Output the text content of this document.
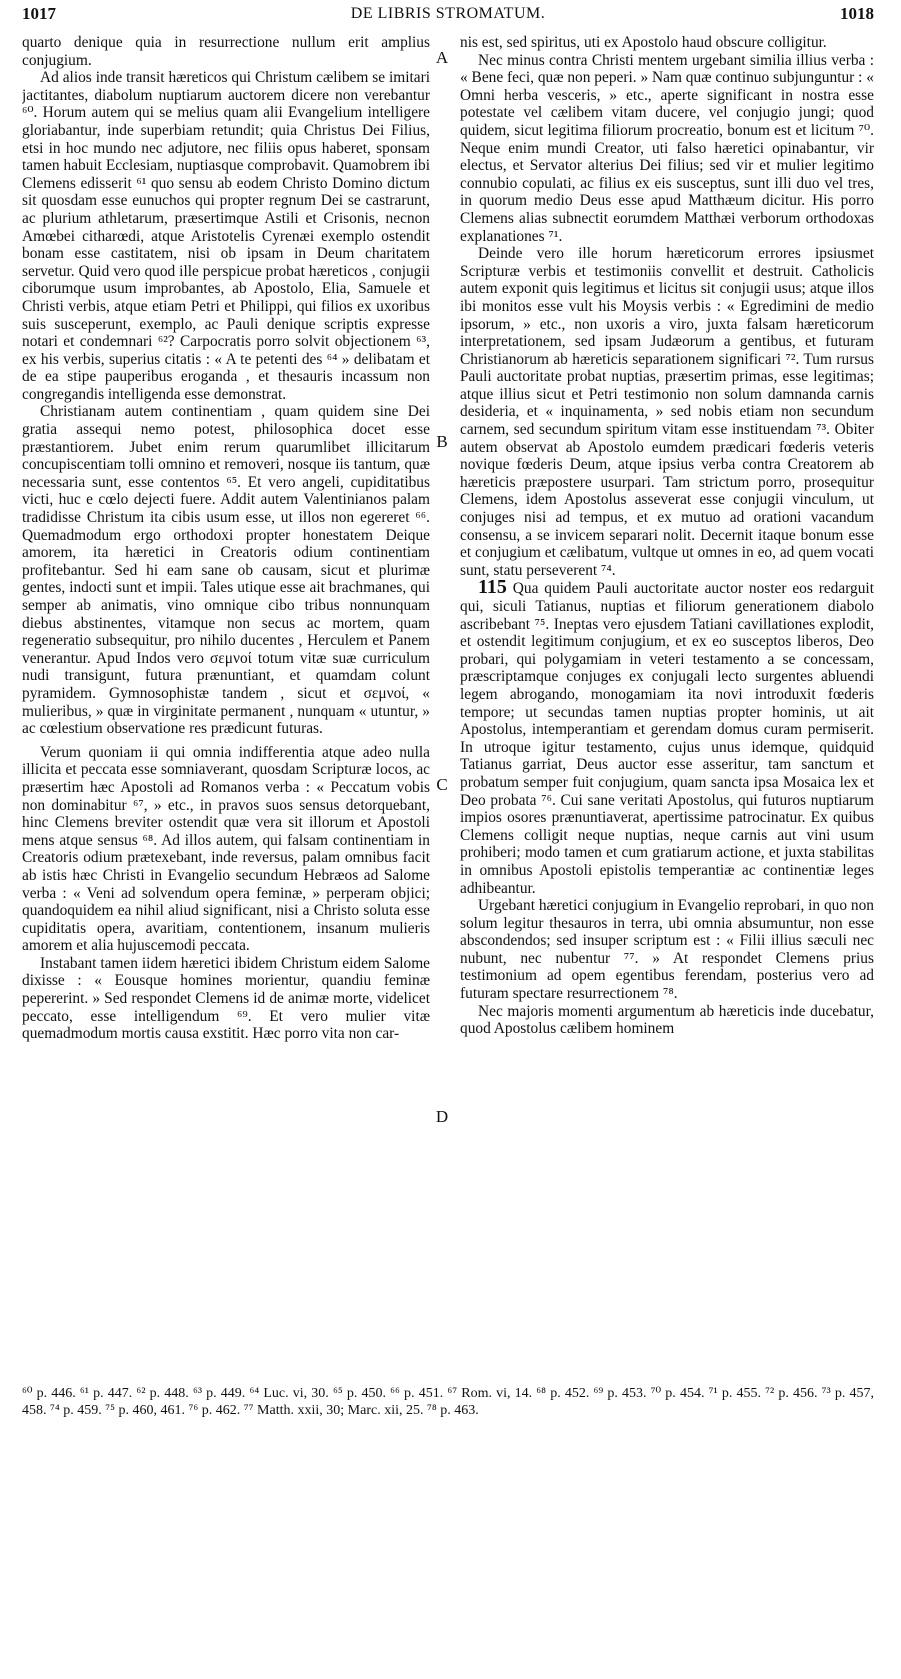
1017	DE LIBRIS STROMATUM.	1018

quarto denique quia in resurrectione nullum erit amplius conjugium.

Ad alios inde transit hæreticos qui Christum cælibem se imitari jactitantes, diabolum nuptiarum auctorem dicere non verebantur ⁶⁰. Horum autem qui se melius quam alii Evangelium intelligere gloriabantur, inde superbiam retundit; quia Christus Dei Filius, etsi in hoc mundo nec adjutore, nec filiis opus haberet, sponsam tamen habuit Ecclesiam, nuptiasque comprobavit. Quamobrem ibi Clemens edisserit ⁶¹ quo sensu ab eodem Christo Domino dictum sit quosdam esse eunuchos qui propter regnum Dei se castrarunt, ac plurium athletarum, præsertimque Astili et Crisonis, necnon Amœbei citharœdi, atque Aristotelis Cyrenæi exemplo ostendit bonam esse castitatem, nisi ob ipsam in Deum charitatem servetur. Quid vero quod ille perspicue probat hæreticos , conjugii ciborumque usum improbantes, ab Apostolo, Elia, Samuele et Christi verbis, atque etiam Petri et Philippi, qui filios ex uxoribus suis susceperunt, exemplo, ac Pauli denique scriptis expresse notari et condemnari ⁶²? Carpocratis porro solvit objectionem ⁶³, ex his verbis, superius citatis : « A te petenti des ⁶⁴ » delibatam et de ea stipe pauperibus eroganda , et thesauris incassum non congregandis intelligenda esse demonstrat.

Christianam autem continentiam , quam quidem sine Dei gratia assequi nemo potest, philosophica docet esse præstantiorem. Jubet enim rerum quarumlibet illicitarum concupiscentiam tolli omnino et removeri, nosque iis tantum, quæ necessaria sunt, esse contentos ⁶⁵. Et vero angeli, cupiditatibus victi, huc e cœlo dejecti fuere. Addit autem Valentinianos palam tradidisse Christum ita cibis usum esse, ut illos non egereret ⁶⁶. Quemadmodum ergo orthodoxi propter honestatem Deique amorem, ita hæretici in Creatoris odium continentiam profitebantur. Sed hi eam sane ob causam, sicut et plurimæ gentes, indocti sunt et impii. Tales utique esse ait brachmanes, qui semper ab animatis, vino omnique cibo tribus nonnunquam diebus abstinentes, vitamque non secus ac mortem, quam regeneratio subsequitur, pro nihilo ducentes , Herculem et Panem venerantur. Apud Indos vero σεμνοί totum vitæ suæ curriculum nudi transigunt, futura prænuntiant, et quamdam colunt pyramidem. Gymnosophistæ tandem , sicut et σεμνοί, « mulieribus, » quæ in virginitate permanent , nunquam « utuntur, » ac cœlestium observatione res prædicunt futuras.

Verum quoniam ii qui omnia indifferentia atque adeo nulla illicita et peccata esse somniaverant, quosdam Scripturæ locos, ac præsertim hæc Apostoli ad Romanos verba : « Peccatum vobis non dominabitur ⁶⁷, » etc., in pravos suos sensus detorquebant, hinc Clemens breviter ostendit quæ vera sit illorum et Apostoli mens atque sensus ⁶⁸. Ad illos autem, qui falsam continentiam in Creatoris odium prætexebant, inde reversus, palam omnibus facit ab istis hæc Christi in Evangelio secundum Hebræos ad Salome verba : « Veni ad solvendum opera feminæ, » perperam objici; quandoquidem ea nihil aliud significant, nisi a Christo soluta esse cupiditatis opera, avaritiam, contentionem, insanum mulieris amorem et alia hujuscemodi peccata.

Instabant tamen iidem hæretici ibidem Christum eidem Salome dixisse : « Eousque homines morientur, quandiu feminæ pepererint. » Sed respondet Clemens id de animæ morte, videlicet peccato, esse intelligendum ⁶⁹. Et vero mulier vitæ quemadmodum mortis causa exstitit. Hæc porro vita non car-

A
B
C
D

nis est, sed spiritus, uti ex Apostolo haud obscure colligitur.

Nec minus contra Christi mentem urgebant similia illius verba : « Bene feci, quæ non peperi. » Nam quæ continuo subjunguntur : « Omni herba vesceris, » etc., aperte significant in nostra esse potestate vel cælibem vitam ducere, vel conjugio jungi; quod quidem, sicut legitima filiorum procreatio, bonum est et licitum ⁷⁰. Neque enim mundi Creator, uti falso hæretici opinabantur, vir electus, et Servator alterius Dei filius; sed vir et mulier legitimo connubio copulati, ac filius ex eis susceptus, sunt illi duo vel tres, in quorum medio Deus esse apud Matthæum dicitur. His porro Clemens alias subnectit eorumdem Matthæi verborum orthodoxas explanationes ⁷¹.

Deinde vero ille horum hæreticorum errores ipsiusmet Scripturæ verbis et testimoniis convellit et destruit. Catholicis autem exponit quis legitimus et licitus sit conjugii usus; atque illos ibi monitos esse vult his Moysis verbis : « Egredimini de medio ipsorum, » etc., non uxoris a viro, juxta falsam hæreticorum interpretationem, sed ipsam Judæorum a gentibus, et futuram Christianorum ab hæreticis separationem significari ⁷². Tum rursus Pauli auctoritate probat nuptias, præsertim primas, esse legitimas; atque illius sicut et Petri testimonio non solum damnanda carnis desideria, et « inquinamenta, » sed nobis etiam non secundum carnem, sed secundum spiritum vitam esse instituendam ⁷³. Obiter autem observat ab Apostolo eumdem prædicari fœderis veteris novique fœderis Deum, atque ipsius verba contra Creatorem ab hæreticis præpostere usurpari. Tam strictum porro, prosequitur Clemens, idem Apostolus asseverat esse conjugii vinculum, ut conjuges nisi ad tempus, et ex mutuo ad orationi vacandum consensu, a se invicem separari nolit. Decernit itaque bonum esse et conjugium et cælibatum, vultque ut omnes in eo, ad quem vocati sunt, statu perseverent ⁷⁴.

115 Qua quidem Pauli auctoritate auctor noster eos redarguit qui, siculi Tatianus, nuptias et filiorum generationem diabolo ascribebant ⁷⁵. Ineptas vero ejusdem Tatiani cavillationes explodit, et ostendit legitimum conjugium, et ex eo susceptos liberos, Deo probari, qui polygamiam in veteri testamento a se concessam, præscriptamque conjuges ex conjugali lecto surgentes abluendi legem abrogando, monogamiam ita novi introduxit fœderis tempore; ut secundas tamen nuptias propter hominis, ut ait Apostolus, intemperantiam et gerendam domus curam permiserit. In utroque igitur testamento, cujus unus idemque, quidquid Tatianus garriat, Deus auctor esse asseritur, tam sanctum et probatum semper fuit conjugium, quam sancta ipsa Mosaica lex et Deo probata ⁷⁶. Cui sane veritati Apostolus, qui futuros nuptiarum impios osores prænuntiaverat, apertissime patrocinatur. Ex quibus Clemens colligit neque nuptias, neque carnis aut vini usum prohiberi; modo tamen et cum gratiarum actione, et juxta stabilitas in omnibus Apostoli epistolis temperantiæ ac continentiæ leges adhibeantur.

Urgebant hæretici conjugium in Evangelio reprobari, in quo non solum legitur thesauros in terra, ubi omnia absumuntur, non esse abscondendos; sed insuper scriptum est : « Filii illius sæculi nec nubunt, nec nubentur ⁷⁷. » At respondet Clemens prius testimonium ad opem egentibus ferendam, posterius vero ad futuram spectare resurrectionem ⁷⁸.

Nec majoris momenti argumentum ab hæreticis inde ducebatur, quod Apostolus cælibem hominem

⁶⁰ p. 446. ⁶¹ p. 447. ⁶² p. 448. ⁶³ p. 449. ⁶⁴ Luc. vi, 30. ⁶⁵ p. 450. ⁶⁶ p. 451. ⁶⁷ Rom. vi, 14. ⁶⁸ p. 452. ⁶⁹ p. 453. ⁷⁰ p. 454. ⁷¹ p. 455. ⁷² p. 456. ⁷³ p. 457, 458. ⁷⁴ p. 459. ⁷⁵ p. 460, 461. ⁷⁶ p. 462. ⁷⁷ Matth. xxii, 30; Marc. xii, 25. ⁷⁸ p. 463.
